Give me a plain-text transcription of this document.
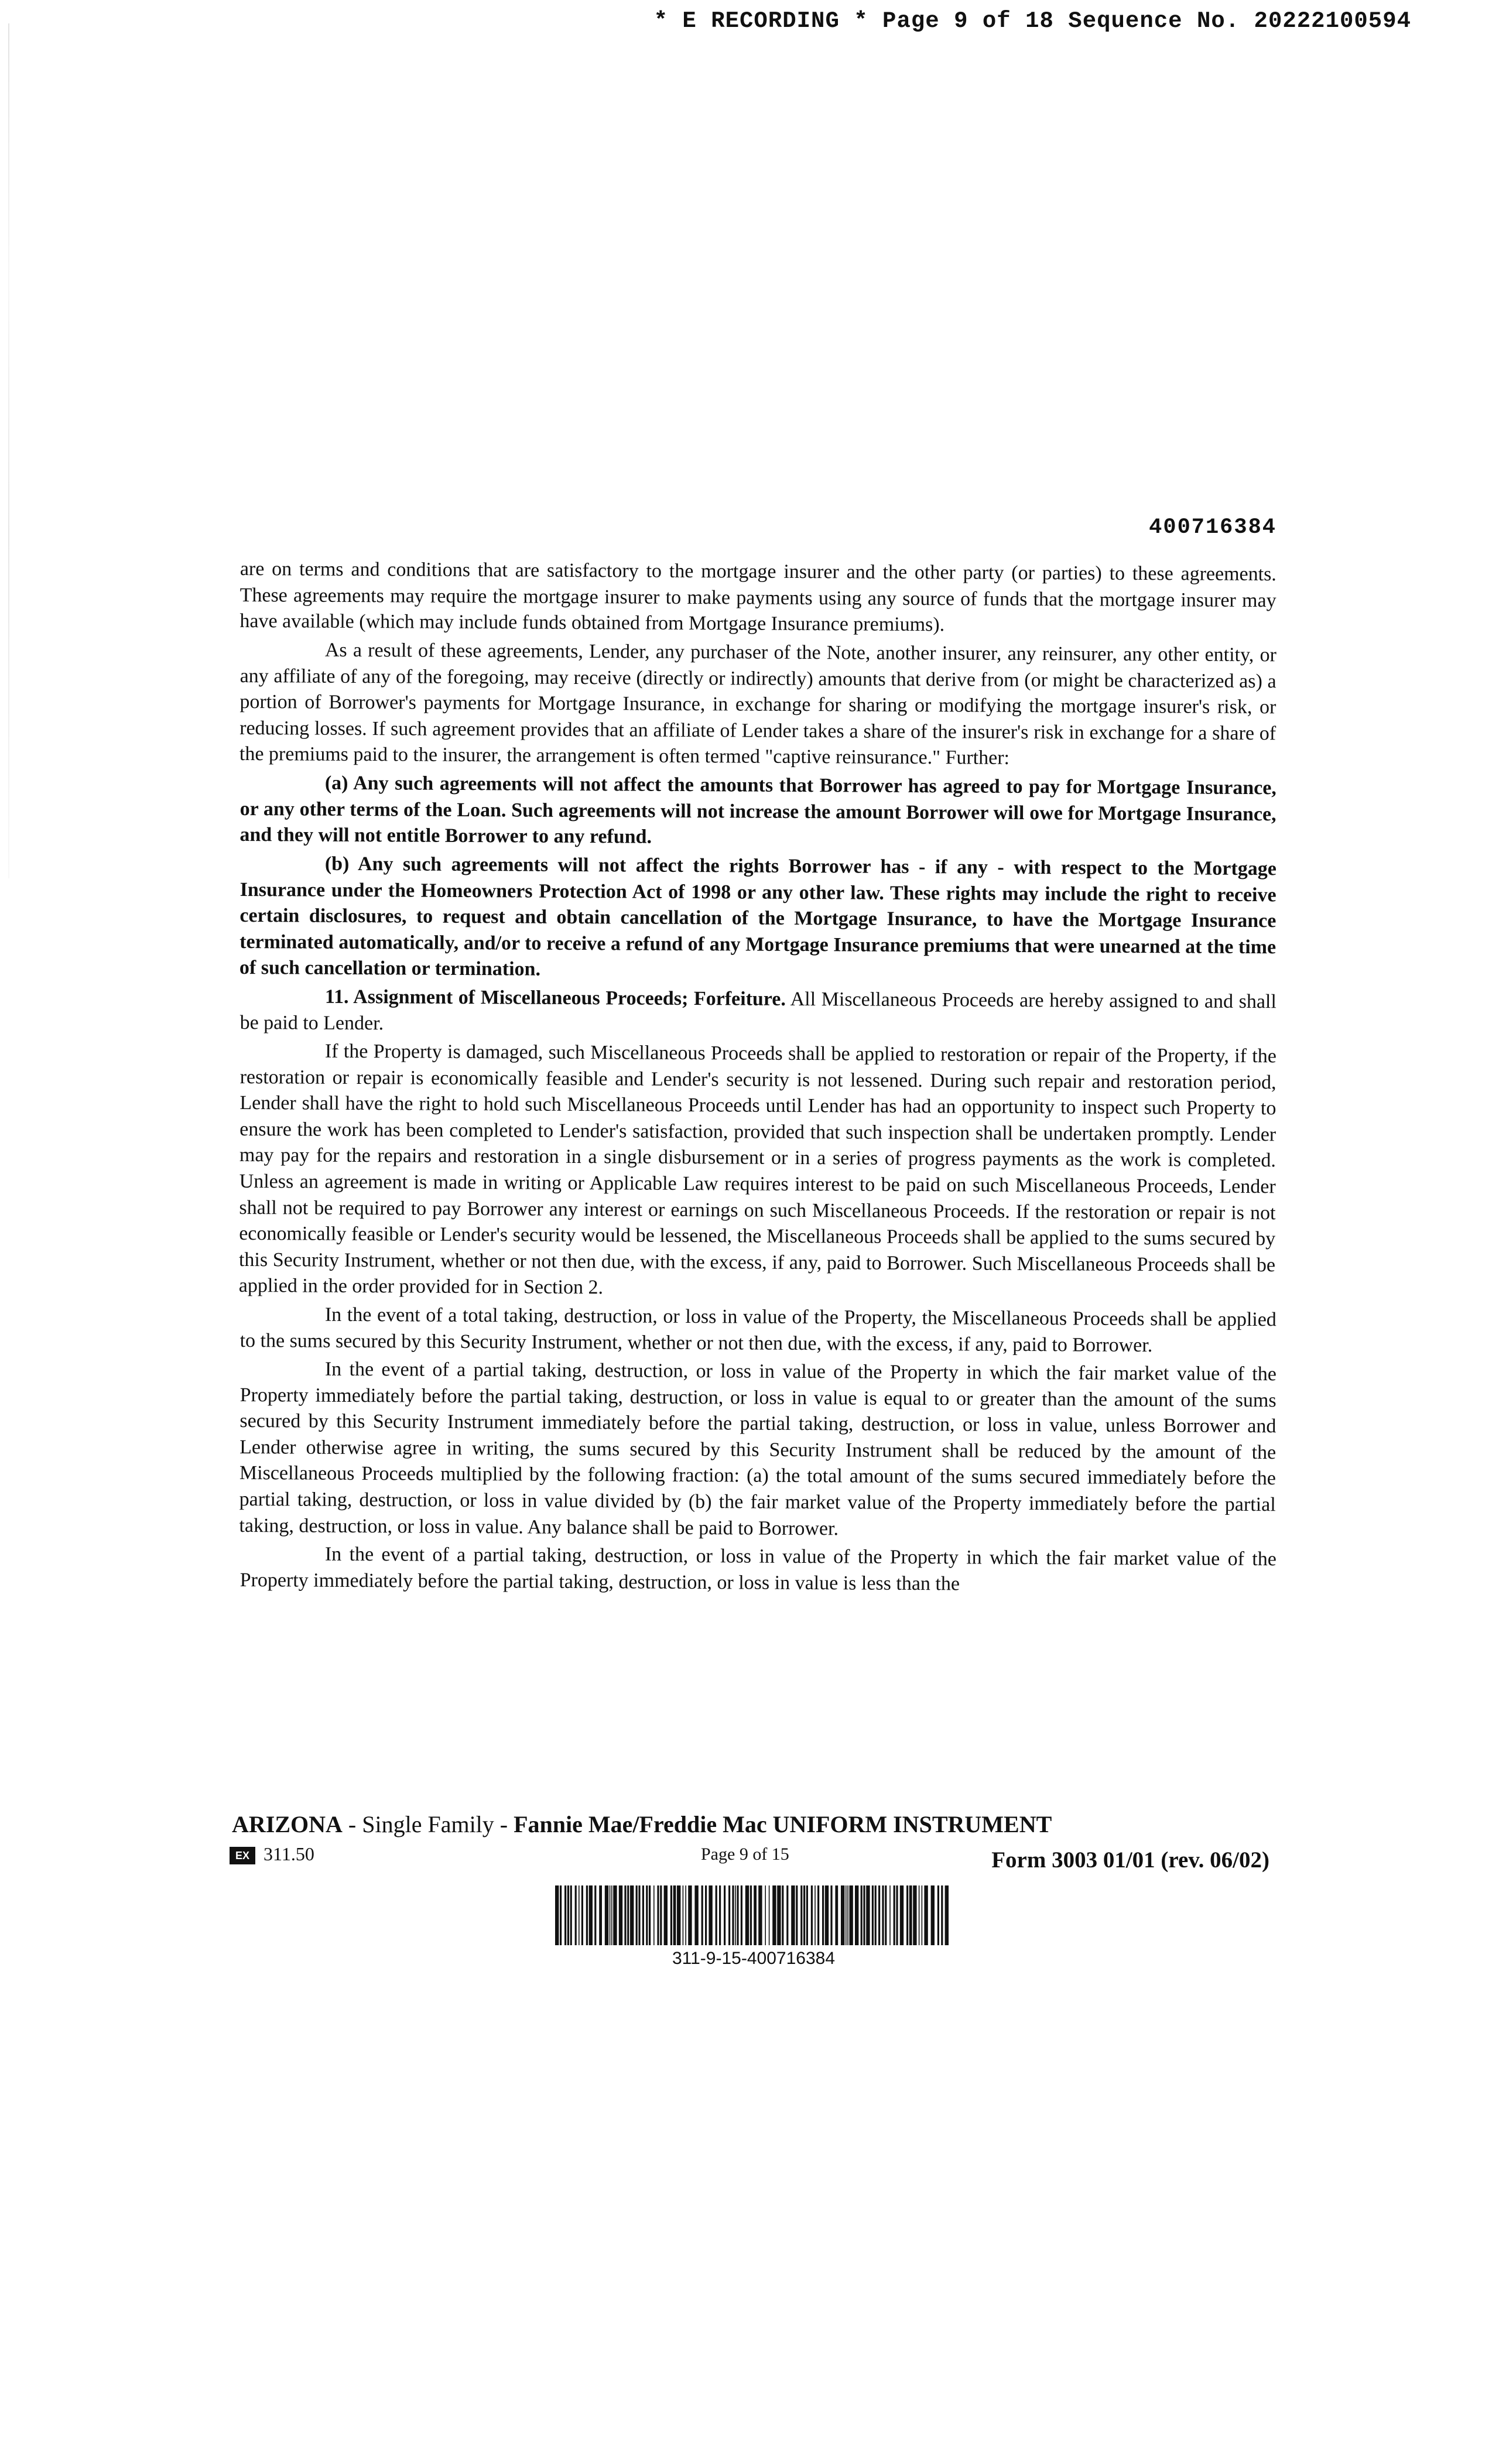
* E RECORDING * Page 9 of 18 Sequence No. 20222100594
400716384

are on terms and conditions that are satisfactory to the mortgage insurer and the other party (or parties) to these agreements. These agreements may require the mortgage insurer to make payments using any source of funds that the mortgage insurer may have available (which may include funds obtained from Mortgage Insurance premiums).

As a result of these agreements, Lender, any purchaser of the Note, another insurer, any reinsurer, any other entity, or any affiliate of any of the foregoing, may receive (directly or indirectly) amounts that derive from (or might be characterized as) a portion of Borrower's payments for Mortgage Insurance, in exchange for sharing or modifying the mortgage insurer's risk, or reducing losses. If such agreement provides that an affiliate of Lender takes a share of the insurer's risk in exchange for a share of the premiums paid to the insurer, the arrangement is often termed "captive reinsurance." Further:

(a) Any such agreements will not affect the amounts that Borrower has agreed to pay for Mortgage Insurance, or any other terms of the Loan. Such agreements will not increase the amount Borrower will owe for Mortgage Insurance, and they will not entitle Borrower to any refund.

(b) Any such agreements will not affect the rights Borrower has - if any - with respect to the Mortgage Insurance under the Homeowners Protection Act of 1998 or any other law. These rights may include the right to receive certain disclosures, to request and obtain cancellation of the Mortgage Insurance, to have the Mortgage Insurance terminated automatically, and/or to receive a refund of any Mortgage Insurance premiums that were unearned at the time of such cancellation or termination.

11. Assignment of Miscellaneous Proceeds; Forfeiture. All Miscellaneous Proceeds are hereby assigned to and shall be paid to Lender.

If the Property is damaged, such Miscellaneous Proceeds shall be applied to restoration or repair of the Property, if the restoration or repair is economically feasible and Lender's security is not lessened. During such repair and restoration period, Lender shall have the right to hold such Miscellaneous Proceeds until Lender has had an opportunity to inspect such Property to ensure the work has been completed to Lender's satisfaction, provided that such inspection shall be undertaken promptly. Lender may pay for the repairs and restoration in a single disbursement or in a series of progress payments as the work is completed. Unless an agreement is made in writing or Applicable Law requires interest to be paid on such Miscellaneous Proceeds, Lender shall not be required to pay Borrower any interest or earnings on such Miscellaneous Proceeds. If the restoration or repair is not economically feasible or Lender's security would be lessened, the Miscellaneous Proceeds shall be applied to the sums secured by this Security Instrument, whether or not then due, with the excess, if any, paid to Borrower. Such Miscellaneous Proceeds shall be applied in the order provided for in Section 2.

In the event of a total taking, destruction, or loss in value of the Property, the Miscellaneous Proceeds shall be applied to the sums secured by this Security Instrument, whether or not then due, with the excess, if any, paid to Borrower.

In the event of a partial taking, destruction, or loss in value of the Property in which the fair market value of the Property immediately before the partial taking, destruction, or loss in value is equal to or greater than the amount of the sums secured by this Security Instrument immediately before the partial taking, destruction, or loss in value, unless Borrower and Lender otherwise agree in writing, the sums secured by this Security Instrument shall be reduced by the amount of the Miscellaneous Proceeds multiplied by the following fraction: (a) the total amount of the sums secured immediately before the partial taking, destruction, or loss in value divided by (b) the fair market value of the Property immediately before the partial taking, destruction, or loss in value. Any balance shall be paid to Borrower.

In the event of a partial taking, destruction, or loss in value of the Property in which the fair market value of the Property immediately before the partial taking, destruction, or loss in value is less than the

ARIZONA - Single Family - Fannie Mae/Freddie Mac UNIFORM INSTRUMENT
EX 311.50	Page 9 of 15	Form 3003 01/01 (rev. 06/02)
311-9-15-400716384
